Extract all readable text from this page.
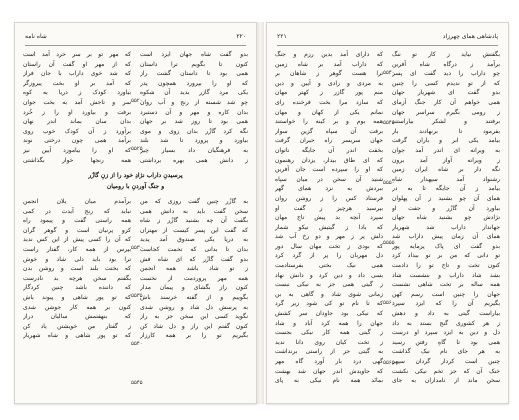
۲۲۰
شاه نامه
بدو گفت شاه جهان ایزد است
کنون تا بگویم ترا داستان
همی بود تا داستان گشت راز
که او را بپرورد همچون پدر
یکی مرد گازر بدید آن شکوه
چو شد شسته از رنج و آب روان
بدان کاره و مهر و آن دستبرد
همی بود تا روز شد بر جهان
نگه کرد گازُر بدان روی و موی
بیاورد و پرورد تا شد بلند
به فرهنگیان داد بسیار چیز
ز دانش همی بهره برداشتی
که مهر تو بر سر خرد آمد است
که از مهر او گفت آن راستان
که شد خوی داراب با جان فراز
که آمد بر او بخت پیروزگر
بیاورد کودک ز دریا به کوه
سر و تاجش آمد به بخت جوان
برفت و بیاورد او را ز خُرد
بدان سان بماند اندر نهان
برآورد ز آن کودک خوب روی
برآمد همی چون درختی نوند
که او را بیاموزد آیین نیز
همه رنجها خوار بگذاشتی
پرسیدنِ داراب نژادِ خود را از زنِ گازُر
و جنگ آوردنِ با رومیان
به گازُر چنین گفت روزی که من
سخن گفت باید به دانش همی
بگفت آن چه بشنید گازُر ز شاه
که گفت این پسر کیست از مهتران
به دریا یکی صندوق آمد پدید
بدان تا بدانی که تخمت کجاست
بدو گفت گازُر که ای شاه فش
ز تو شاد باشد همه انجمن
همه مهر پروردمت از نخست
کنون راز بگشای و پیمان مدار
بگوییم و از گفته خرسند باش
به پرسش دل شاد و روشن شدی
نگوید کسی این سخن جز به راز
کنون گفتم این راز و دل شاد کن
بگیریم تو را بر همه کارزار
برآمدم میان یلان انجمن
نباید که رنج آیدت در کمی
همه راستی گفت و پیمود راه
کزو پرنیان است و گوهر گران
که آن را کسی پیش از این کس ندید
بپرس از همه کار، گفتار راست
ترا بود باید دلی شاد و خوش
که بختت بلند است و روشن بدن
بگفتم سخن هرچه بد نادرست
که داننده باشد چنین کردگار
که تو پور شاهی و پیوند باش
کنون بر همه کار جوشن شدی
که بنهفتمش سالیان دراز
ز گفتار من خویشتن یاد کن
که تو پور شاهی و شاه شهریار
۵۵۲۰
۵۵۲۵
۵۵۳۰
۵۵۳۵
۵۵۴۰
۵۵۴۵
۲۲۱	پادشاهی همای چهرزاد
بگفتش نیاید ز کار تو ننگ
برآمد ز درگاه شاه آفرین
چو داراب را دید گفت ای پسر
که از تو ندیدم کسی را چنین
بدو گفت ای شهریار جهان
همی خواهم آن کار جنگ آزمای
ز رومی بگیرم سراسر جهان
برفتند و لشکر بیاراستند
بفرمود تا برنهادند بار
بیامد یکی ابر و باران گرفت
به ویرانه ای اندر آمد جوان
ز ویرانه آواز آمد برون
نگه دار بر شاه ایران زمین
رشنواد آمد سپهدار شاه
بیامد ز آن جایگه تا به در
همای آن چو بشنید ز آن پهلوان
بیاورد آن گازُر و جفت او
نژادش چو بشنید شاه جهان
جهاندار داراب شد شهریار
همای آن زمان پیش داراب شد
بدو گفت ای پاک پرمایه پور
تو دانی که من بر تو بیداد کرد
کنون تخت و تاج تو را دادمت
بشد شاد داراب و بنشست شاد
همه ساله بر تخت شاهی نشست
جهان را چنین است رسم کهن
بگیریم آن را که ایزد سپرد
بیاراست گیتی به داد و دهش
ز هر کشوری گنج بستد به داد
دل و دین به ایزد سپرد او درست
همی بود تا گاهِ رفتن رسید
به هر جای نام نیک گذاشت
چنین است کردار گردان سپهر
خنک آن که جز تخم نیکی نکشت
سخن ماند از نامداران به جای
که دارای آمد بدین رزم و جنگ
که داراب آمد بر شاه زمین
ترا هست گوهر ز شاهان بر
به مردی و رادی و آیین و دین
منم پور گازر ز کهتر مهان
که سازد مرا بخت فرخنده رای
نمانم یکی از کهان و مهان
همه بوم و بر کینه را خواستند
برفت آن سپاه گزین سوار
جهان سربسر راه حیران گرفت
بخفت اندر آن جایگه ناتوان
که ای طاق بیدار، یزدان رهنمون
که او را سپرده است جان آفرین
شنید آن سخن در میان سپاه
ببردش به نزد همای گهر
فرستاد کس را ز روشن روان
بپرسید هرچیز ز گفت او
سپرد آنچه بد پیش تاج مهان
که بادا ز گیتیش نیکو شمار
دلش پر ز مهر و دو رخ آب شد
که بودی ز تخت مهان سال دور
دل مهربان را پر از گرد کرد
همی نیک بختی بفرستادمت
بسی داد و دین کرد و دانش نهاد
ز گیتی همی جز به نیکی نبست
زمانی شوی شاد و گاهی به بن
که تا نام تو کی شود زیر گرد
که نیکی بود جاودان سر کشش
جهان را همه کرد آباد و شاد
ز گیتی همه کار نیکی بجست
ز تخت کیان روی دانا ندید
به گیتی جز از راستی برنداشت
گهی درد بار آورد گاه مهر
که جاویدش اندر جهان شد بهشت
بمانَد همه نام نیکی به پای
۵۵۴۰
۵۵۴۵
۵۵۵۰
۵۵۵۵
۵۵۶۰
۵۵۶۵
